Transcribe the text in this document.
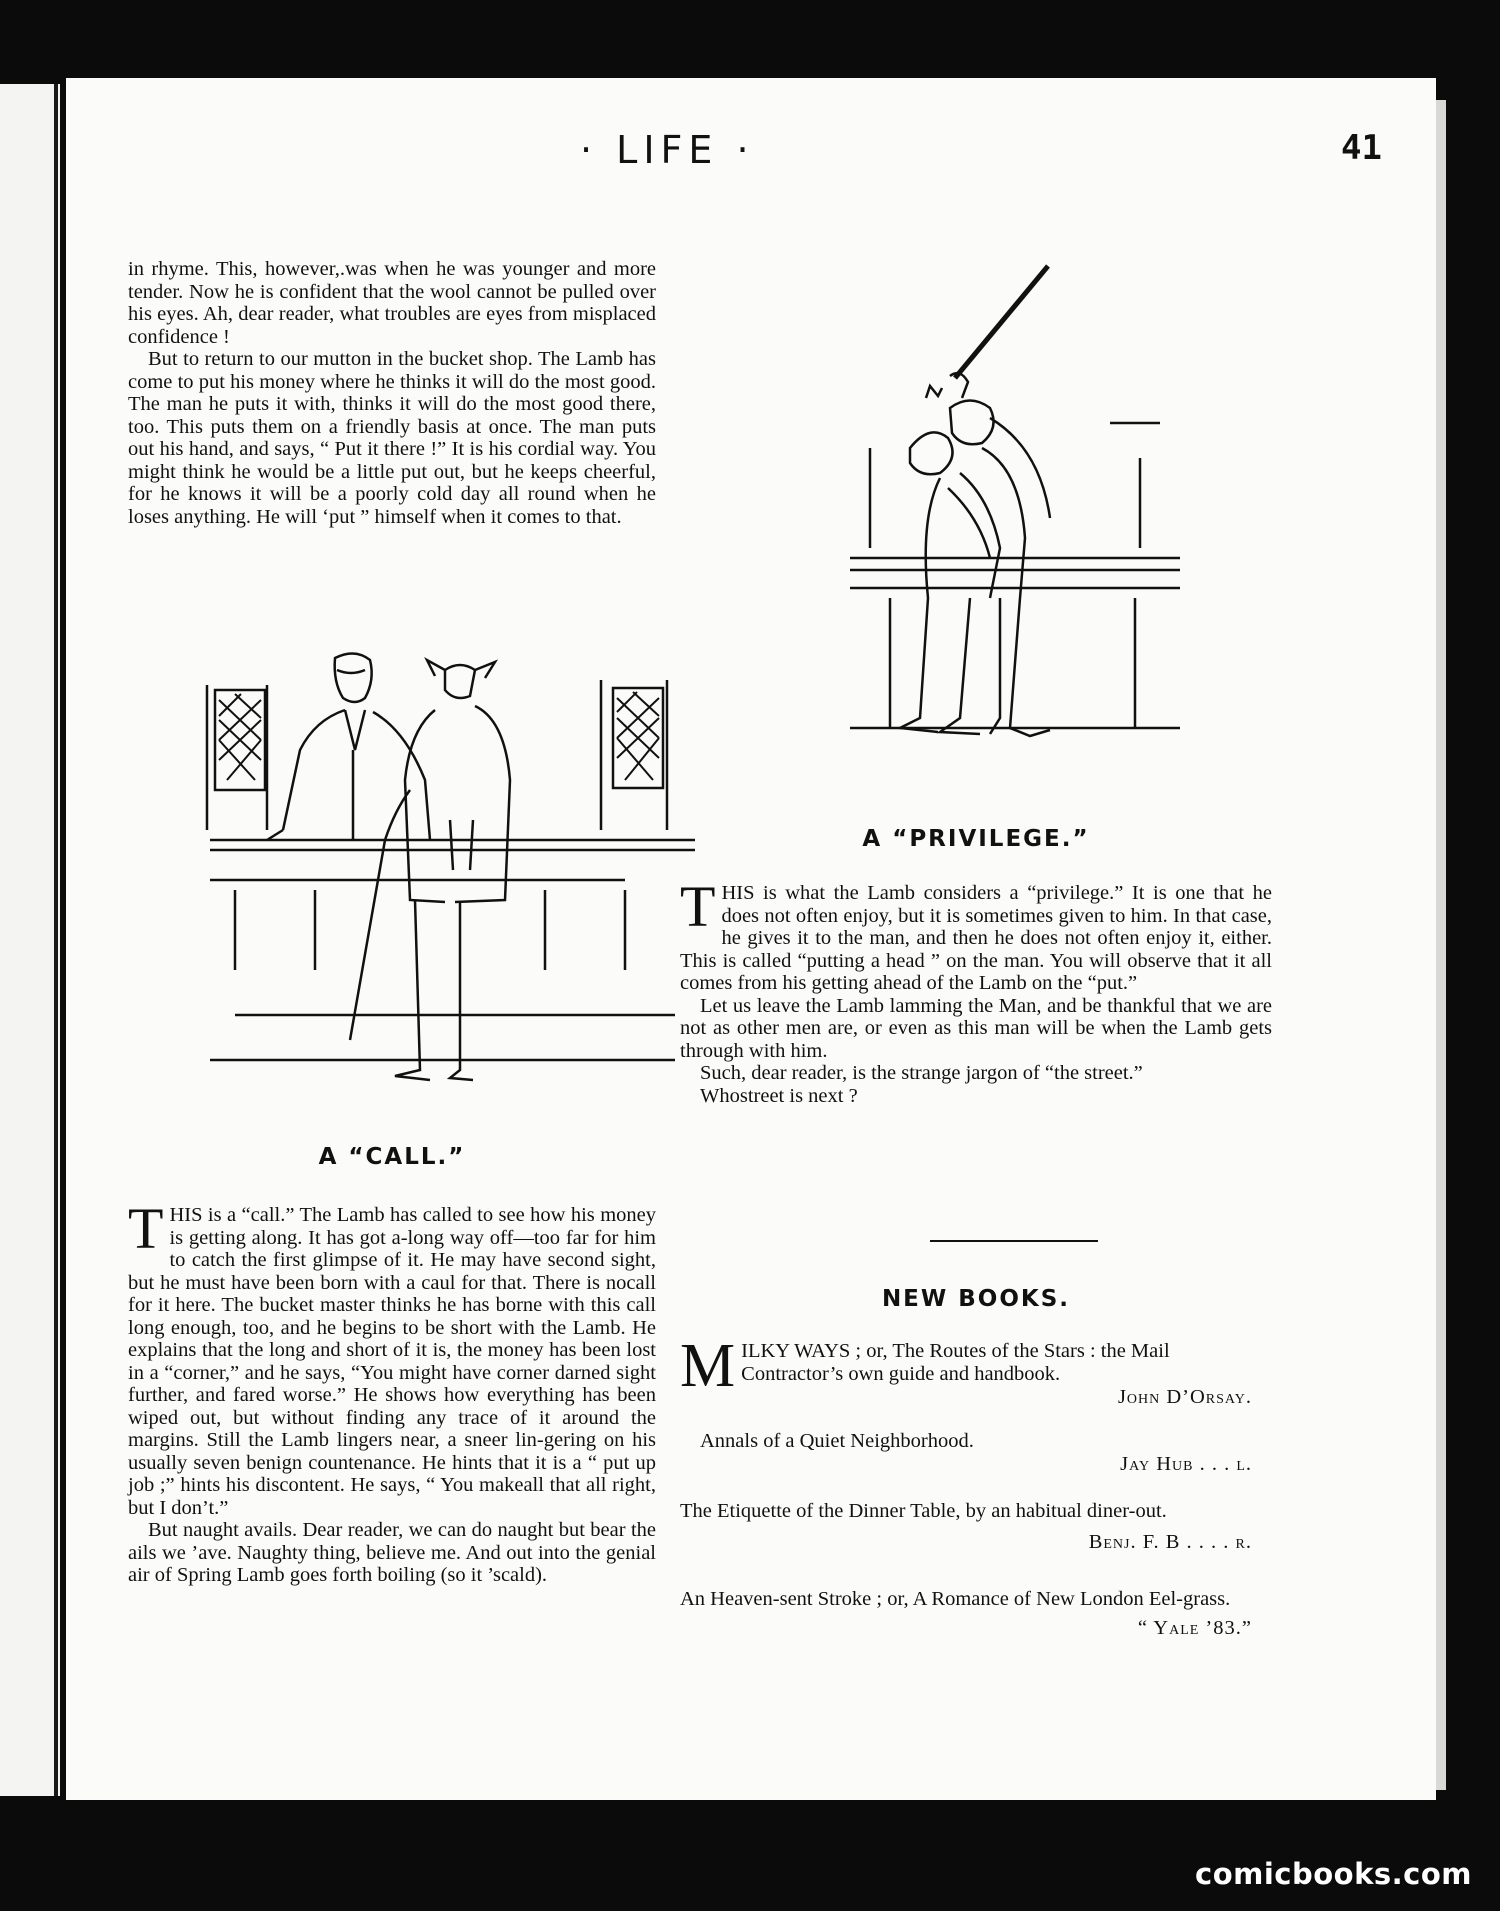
· LIFE ·	41

in rhyme. This, however,.was when he was younger and more tender. Now he is confident that the wool cannot be pulled over his eyes. Ah, dear reader, what troubles are eyes from misplaced confidence !

But to return to our mutton in the bucket shop. The Lamb has come to put his money where he thinks it will do the most good. The man he puts it with, thinks it will do the most good there, too. This puts them on a friendly basis at once. The man puts out his hand, and says, “ Put it there !” It is his cordial way. You might think he would be a little put out, but he keeps cheerful, for he knows it will be a poorly cold day all round when he loses anything. He will ‘put ” himself when it comes to that.

A “CALL.”

THIS is a “call.” The Lamb has called to see how his money is getting along. It has got a-long way off—too far for him to catch the first glimpse of it. He may have second sight, but he must have been born with a caul for that. There is nocall for it here. The bucket master thinks he has borne with this call long enough, too, and he begins to be short with the Lamb. He explains that the long and short of it is, the money has been lost in a “corner,” and he says, “You might have corner darned sight further, and fared worse.” He shows how everything has been wiped out, but without finding any trace of it around the margins. Still the Lamb lingers near, a sneer lin-gering on his usually seven benign countenance. He hints that it is a “ put up job ;” hints his discontent. He says, “ You makeall that all right, but I don’t.”

But naught avails. Dear reader, we can do naught but bear the ails we ’ave. Naughty thing, believe me. And out into the genial air of Spring Lamb goes forth boiling (so it ’scald).

A “PRIVILEGE.”

THIS is what the Lamb considers a “privilege.” It is one that he does not often enjoy, but it is sometimes given to him. In that case, he gives it to the man, and then he does not often enjoy it, either. This is called “putting a head ” on the man. You will observe that it all comes from his getting ahead of the Lamb on the “put.”

Let us leave the Lamb lamming the Man, and be thankful that we are not as other men are, or even as this man will be when the Lamb gets through with him.

Such, dear reader, is the strange jargon of “the street.”

Whostreet is next ?

NEW BOOKS.
MILKY WAYS ; or, The Routes of the Stars : the Mail Contractor’s own guide and handbook.
John D’Orsay.
Annals of a Quiet Neighborhood.
Jay Hub . . . l.
The Etiquette of the Dinner Table, by an habitual diner-out.
Benj. F. B . . . . r.
An Heaven-sent Stroke ; or, A Romance of New London Eel-grass.
“ Yale ’83.”
comicbooks.com
